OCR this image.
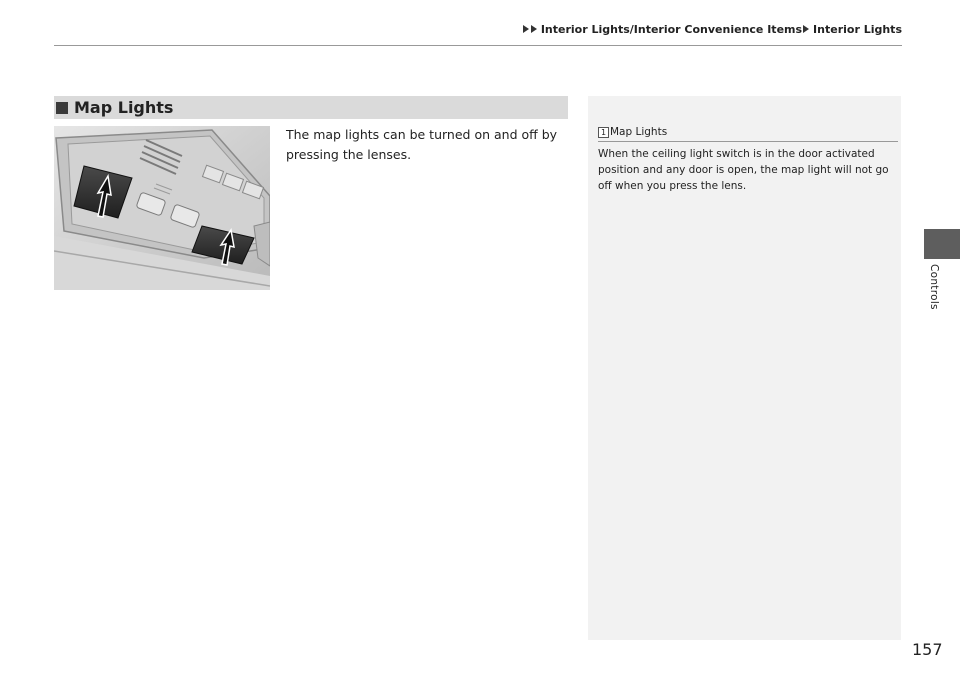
Interior Lights/Interior Convenience Items Interior Lights
Map Lights
The map lights can be turned on and off by pressing the lenses.
1 Map Lights
When the ceiling light switch is in the door activated position and any door is open, the map light will not go off when you press the lens.
Controls
157
